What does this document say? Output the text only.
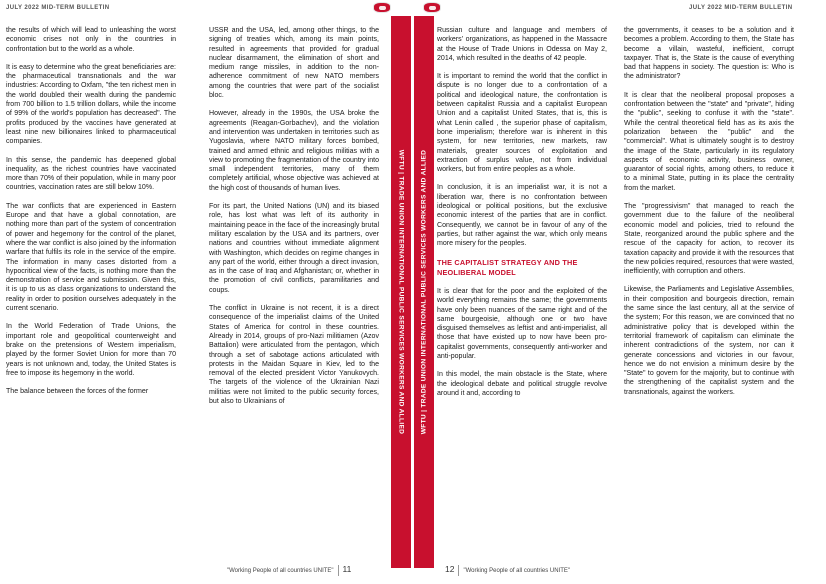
JULY 2022 MID-TERM BULLETIN

the results of which will lead to unleashing the worst economic crises not only in the countries in confrontation but to the world as a whole.

It is easy to determine who the great beneficiaries are: the pharmaceutical transnationals and the war industries: According to Oxfam, "the ten richest men in the world doubled their wealth during the pandemic from 700 billion to 1.5 trillion dollars, while the income of 99% of the world's population has decreased". The profits produced by the vaccines have generated at least nine new billionaires linked to pharmaceutical companies.

In this sense, the pandemic has deepened global inequality, as the richest countries have vaccinated more than 70% of their population, while in many poor countries, vaccination rates are still below 10%.

The war conflicts that are experienced in Eastern Europe and that have a global connotation, are nothing more than part of the system of concentration of power and hegemony for the control of the planet, where the war conflict is also joined by the information warfare that fulfils its role in the service of the empire. The information in many cases distorted from a hypocritical view of the facts, is nothing more than the demonstration of service and submission. Given this, it is up to us as class organizations to understand the reality in order to position ourselves adequately in the current scenario.

In the World Federation of Trade Unions, the important role and geopolitical counterweight and brake on the pretensions of Western imperialism, played by the former Soviet Union for more than 70 years is not unknown and, today, the United States is free to impose its hegemony in the world.

The balance between the forces of the former

USSR and the USA, led, among other things, to the signing of treaties which, among its main points, resulted in agreements that provided for gradual nuclear disarmament, the elimination of short and medium range missiles, in addition to the non-adherence commitment of new NATO members among the countries that were part of the socialist bloc.

However, already in the 1990s, the USA broke the agreements (Reagan-Gorbachev), and the violation and intervention was undertaken in territories such as Yugoslavia, where NATO military forces bombed, trained and armed ethnic and religious militias with a view to promoting the fragmentation of the country into small independent territories, many of them completely artificial, whose objective was achieved at the high cost of thousands of human lives.

For its part, the United Nations (UN) and its biased role, has lost what was left of its authority in maintaining peace in the face of the increasingly brutal military escalation by the USA and its partners, over nations and countries without immediate alignment with Washington, which decides on regime changes in any part of the world, either through a direct invasion, as in the case of Iraq and Afghanistan; or, whether in the promotion of civil conflicts, paramilitaries and coups.

The conflict in Ukraine is not recent, it is a direct consequence of the imperialist claims of the United States of America for control in these countries. Already in 2014, groups of pro-Nazi militiamen (Azov Battalion) were articulated from the pentagon, which through a set of sabotage actions articulated with protests in the Maidan Square in Kiev, led to the removal of the elected president Victor Yanukovych. The targets of the violence of the Ukrainian Nazi militias were not limited to the public security forces, but also to Ukrainians of	WFTU | TRADE UNION INTERNATIONAL PUBLIC SERVICES WORKERS AND ALLIED
"Working People of all countries UNITE" 11
JULY 2022 MID-TERM BULLETIN
WFTU | TRADE UNION INTERNATIONAL PUBLIC SERVICES WORKERS AND ALLIED

Russian culture and language and members of workers' organizations, as happened in the Massacre at the House of Trade Unions in Odessa on May 2, 2014, which resulted in the deaths of 42 people.

It is important to remind the world that the conflict in dispute is no longer due to a confrontation of a political and ideological nature, the confrontation is between capitalist Russia and a capitalist European Union and a capitalist United States, that is, this is what Lenin called , the superior phase of capitalism, bone imperialism; therefore war is inherent in this system, for new territories, new markets, raw materials, greater sources of exploitation and extraction of surplus value, not from individual workers, but from entire peoples as a whole.

In conclusion, it is an imperialist war, it is not a liberation war, there is no confrontation between ideological or political positions, but the exclusive economic interest of the parties that are in conflict. Consequently, we cannot be in favour of any of the parties, but rather against the war, which only means more misery for the peoples.

THE CAPITALIST STRATEGY AND THE NEOLIBERAL MODEL

It is clear that for the poor and the exploited of the world everything remains the same; the governments have only been nuances of the same right and of the same bourgeoisie, although one or two have disguised themselves as leftist and anti-imperialist, all those that have existed up to now have been pro-capitalist governments, consequently anti-worker and anti-popular.

In this model, the main obstacle is the State, where the ideological debate and political struggle revolve around it and, according to

the governments, it ceases to be a solution and it becomes a problem. According to them, the State has become a villain, wasteful, inefficient, corrupt taxpayer. That is, the State is the cause of everything bad that happens in society. The question is: Who is the administrator?

It is clear that the neoliberal proposal proposes a confrontation between the "state" and "private", hiding the "public", seeking to confuse it with the "state". While the central theoretical field has as its axis the polarization between the "public" and the "commercial". What is ultimately sought is to destroy the image of the State, particularly in its regulatory aspects of economic activity, business owner, guarantor of social rights, among others, to reduce it to a minimal State, putting in its place the centrality from the market.

The "progressivism" that managed to reach the government due to the failure of the neoliberal economic model and policies, tried to refound the State, reorganized around the public sphere and the rescue of the capacity for action, to recover its taxation capacity and provide it with the resources that the new policies required, resources that were wasted, inefficiently, with corruption and others.

Likewise, the Parliaments and Legislative Assemblies, in their composition and bourgeois direction, remain the same since the last century, all at the service of the system; For this reason, we are convinced that no administrative policy that is developed within the territorial framework of capitalism can eliminate the inherent contradictions of the system, nor can it generate concessions and victories in our favour, hence we do not envision a minimum desire by the "State" to govern for the majority, but to continue with the strengthening of the capitalist system and the transnationals, against the workers.

12 "Working People of all countries UNITE"
